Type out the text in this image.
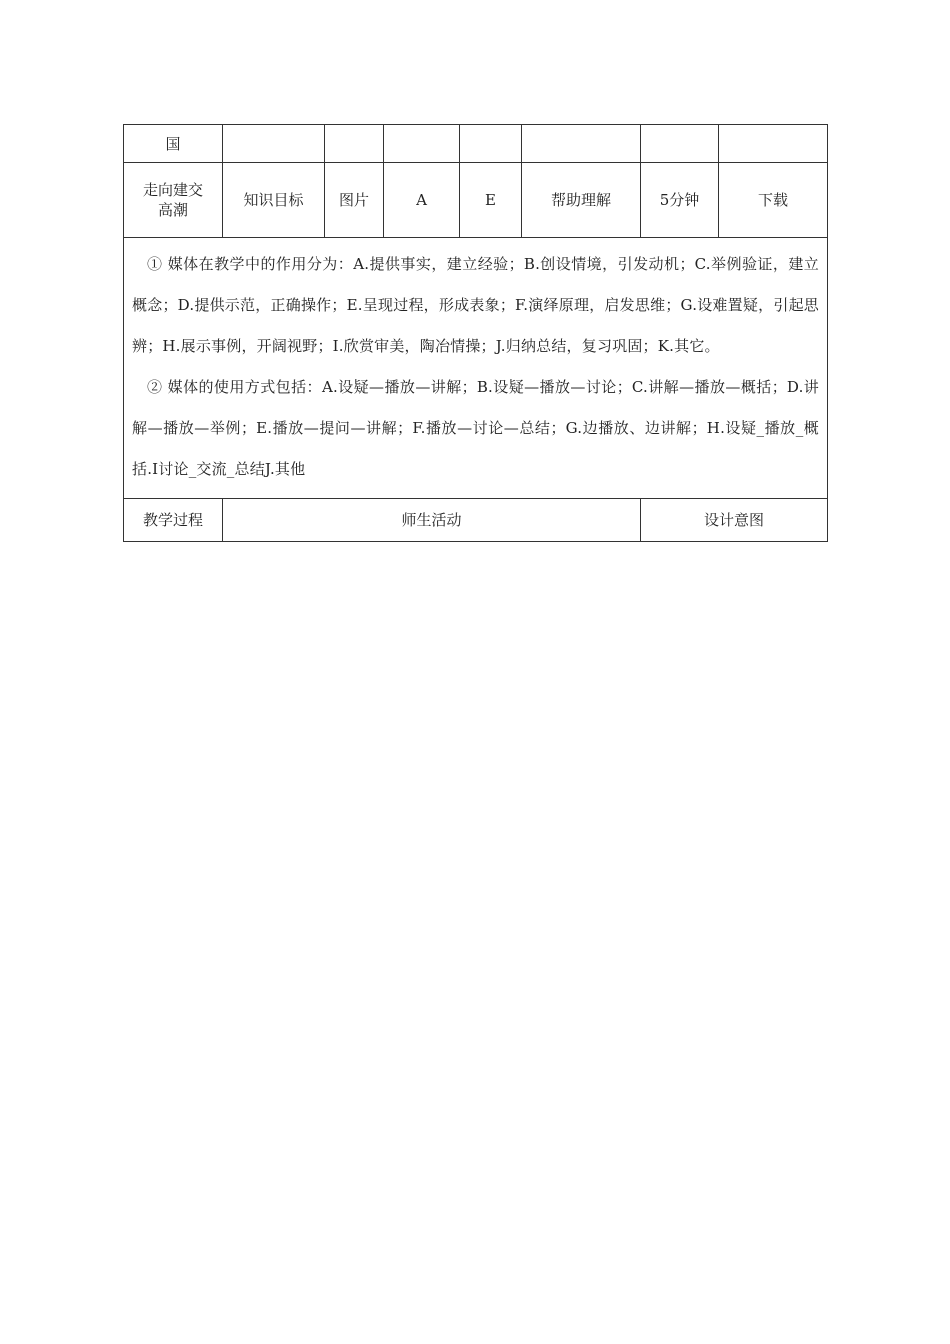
国							

走向建交
高潮	知识目标	图片	A	E	帮助理解	5分钟	下载

① 媒体在教学中的作用分为：A.提供事实，建立经验；B.创设情境，引发动机；C.举例验证，建立概念；D.提供示范，正确操作；E.呈现过程，形成表象；F.演绎原理，启发思维；G.设难置疑，引起思辨；H.展示事例，开阔视野；I.欣赏审美，陶冶情操；J.归纳总结，复习巩固；K.其它。

② 媒体的使用方式包括：A.设疑—播放—讲解；B.设疑—播放—讨论；C.讲解—播放—概括；D.讲解—播放—举例；E.播放—提问—讲解；F.播放—讨论—总结；G.边播放、边讲解；H.设疑_播放_概括.I讨论_交流_总结J.其他							

教学过程	师生活动					设计意图	
